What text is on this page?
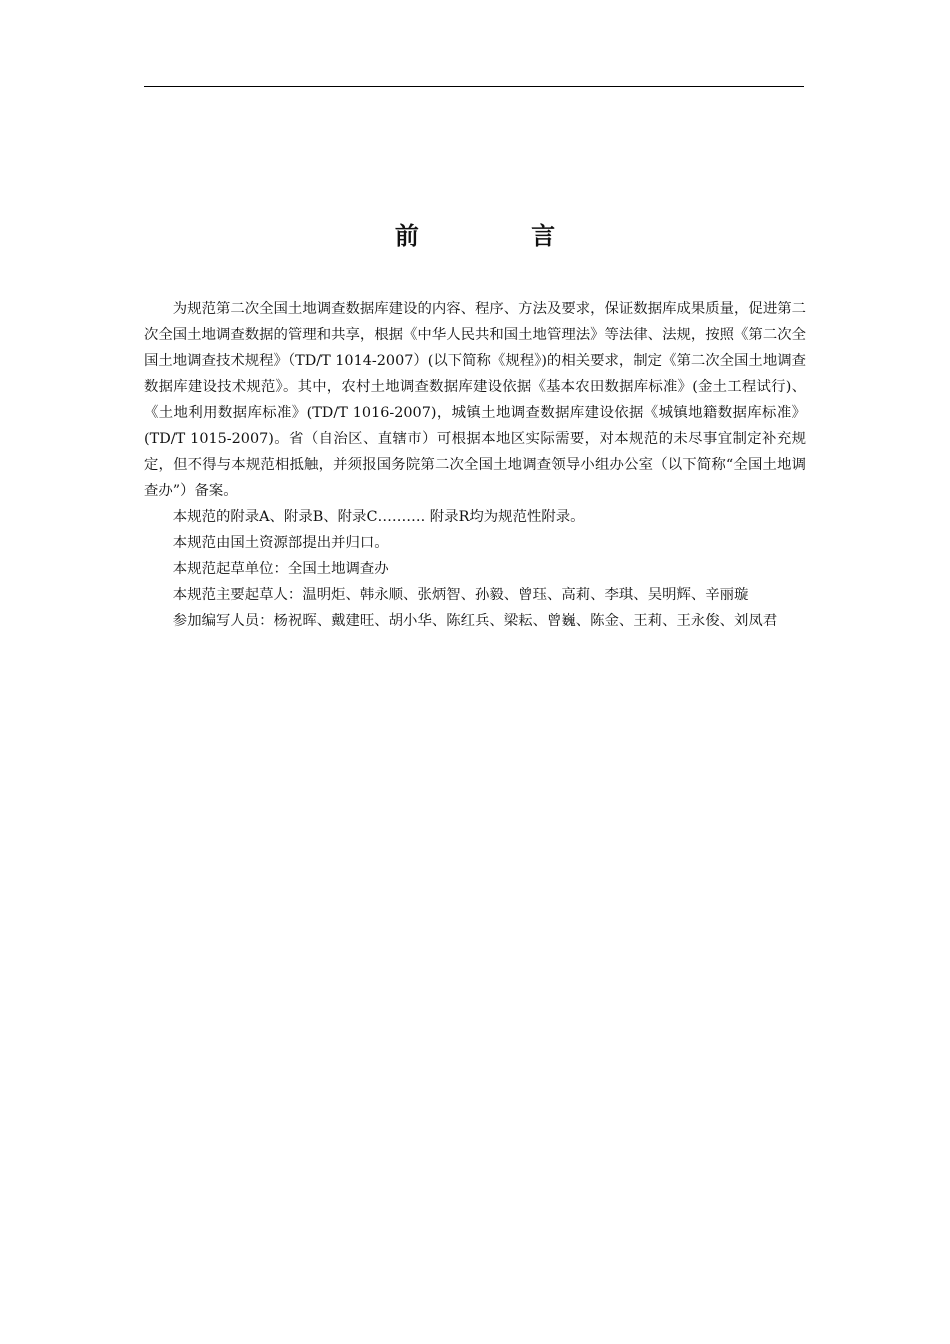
前 言

为规范第二次全国土地调查数据库建设的内容、程序、方法及要求，保证数据库成果质量，促进第二次全国土地调查数据的管理和共享，根据《中华人民共和国土地管理法》等法律、法规，按照《第二次全国土地调查技术规程》（TD/T 1014-2007）(以下简称《规程》)的相关要求，制定《第二次全国土地调查数据库建设技术规范》。其中，农村土地调查数据库建设依据《基本农田数据库标准》(金土工程试行)、《土地利用数据库标准》(TD/T 1016-2007)，城镇土地调查数据库建设依据《城镇地籍数据库标准》(TD/T 1015-2007)。省（自治区、直辖市）可根据本地区实际需要，对本规范的未尽事宜制定补充规定，但不得与本规范相抵触，并须报国务院第二次全国土地调查领导小组办公室（以下简称“全国土地调查办”）备案。

本规范的附录A、附录B、附录C………. 附录R均为规范性附录。

本规范由国土资源部提出并归口。

本规范起草单位：全国土地调查办

本规范主要起草人：温明炬、韩永顺、张炳智、孙毅、曾珏、高莉、李琪、吴明辉、辛丽璇

参加编写人员：杨祝晖、戴建旺、胡小华、陈红兵、梁耘、曾巍、陈金、王莉、王永俊、刘凤君
